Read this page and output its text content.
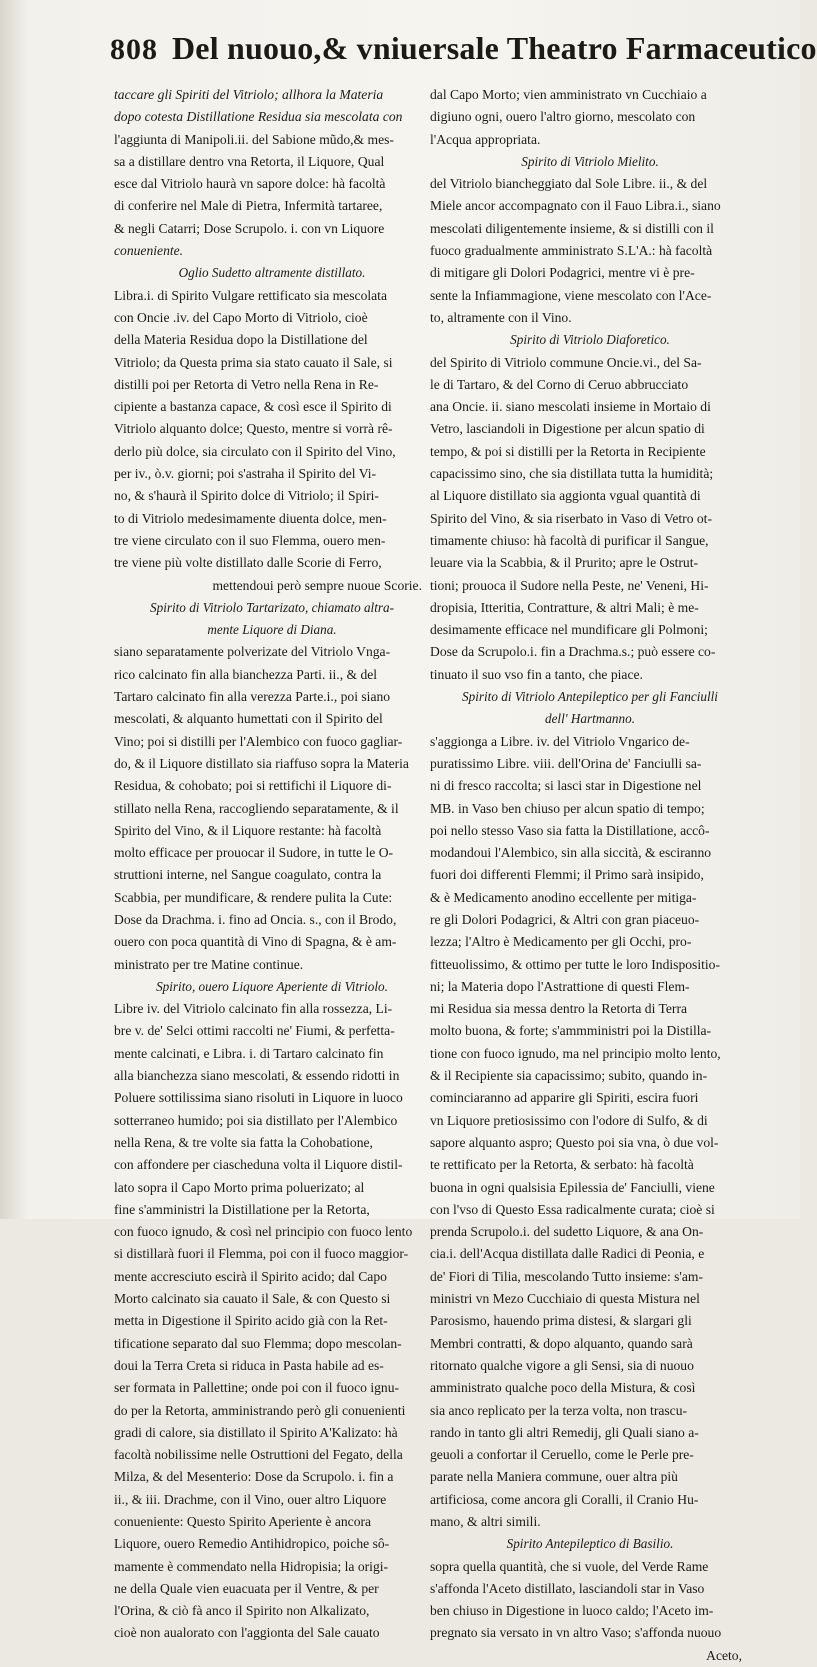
808 Del nuouo,& vniuersale Theatro Farmaceutico
taccare gli Spiriti del Vitriolo; allhora la Materia
dopo cotesta Distillatione Residua sia mescolata con
l'aggiunta di Manipoli.ii. del Sabione mũdo,& mes-
sa a distillare dentro vna Retorta, il Liquore, Qual
esce dal Vitriolo haurà vn sapore dolce: hà facoltà
di conferire nel Male di Pietra, Infermità tartaree,
& negli Catarri; Dose Scrupolo. i. con vn Liquore
conueniente.
Oglio Sudetto altramente distillato.
Libra.i. di Spirito Vulgare rettificato sia mescolata
con Oncie .iv. del Capo Morto di Vitriolo, cioè
della Materia Residua dopo la Distillatione del
Vitriolo; da Questa prima sia stato cauato il Sale, si
distilli poi per Retorta di Vetro nella Rena in Re-
cipiente a bastanza capace, & così esce il Spirito di
Vitriolo alquanto dolce; Questo, mentre si vorrà rê-
derlo più dolce, sia circulato con il Spirito del Vino,
per iv., ò.v. giorni; poi s'astraha il Spirito del Vi-
no, & s'haurà il Spirito dolce di Vitriolo; il Spiri-
to di Vitriolo medesimamente diuenta dolce, men-
tre viene circulato con il suo Flemma, ouero men-
tre viene più volte distillato dalle Scorie di Ferro,
mettendoui però sempre nuoue Scorie.
Spirito di Vitriolo Tartarizato, chiamato altra-
mente Liquore di Diana.
siano separatamente polverizate del Vitriolo Vnga-
rico calcinato fin alla bianchezza Parti. ii., & del
Tartaro calcinato fin alla verezza Parte.i., poi siano
mescolati, & alquanto humettati con il Spirito del
Vino; poi si distilli per l'Alembico con fuoco gagliar-
do, & il Liquore distillato sia riaffuso sopra la Materia
Residua, & cohobato; poi si rettifichi il Liquore di-
stillato nella Rena, raccogliendo separatamente, & il
Spirito del Vino, & il Liquore restante: hà facoltà
molto efficace per prouocar il Sudore, in tutte le O-
struttioni interne, nel Sangue coagulato, contra la
Scabbia, per mundificare, & rendere pulita la Cute:
Dose da Drachma. i. fino ad Oncia. s., con il Brodo,
ouero con poca quantità di Vino di Spagna, & è am-
ministrato per tre Matine continue.
Spirito, ouero Liquore Aperiente di Vitriolo.
Libre iv. del Vitriolo calcinato fin alla rossezza, Li-
bre v. de' Selci ottimi raccolti ne' Fiumi, & perfetta-
mente calcinati, e Libra. i. di Tartaro calcinato fin
alla bianchezza siano mescolati, & essendo ridotti in
Poluere sottilissima siano risoluti in Liquore in luoco
sotterraneo humido; poi sia distillato per l'Alembico
nella Rena, & tre volte sia fatta la Cohobatione,
con affondere per ciascheduna volta il Liquore distil-
lato sopra il Capo Morto prima poluerizato; al
fine s'amministri la Distillatione per la Retorta,
con fuoco ignudo, & così nel principio con fuoco lento
si distillarà fuori il Flemma, poi con il fuoco maggior-
mente accresciuto escirà il Spirito acido; dal Capo
Morto calcinato sia cauato il Sale, & con Questo si
metta in Digestione il Spirito acido già con la Ret-
tificatione separato dal suo Flemma; dopo mescolan-
doui la Terra Creta si riduca in Pasta habile ad es-
ser formata in Pallettine; onde poi con il fuoco ignu-
do per la Retorta, amministrando però gli conuenienti
gradi di calore, sia distillato il Spirito A'Kalizato: hà
facoltà nobilissime nelle Ostruttioni del Fegato, della
Milza, & del Mesenterio: Dose da Scrupolo. i. fin a
ii., & iii. Drachme, con il Vino, ouer altro Liquore
conueniente: Questo Spirito Aperiente è ancora
Liquore, ouero Remedio Antihidropico, poiche sô-
mamente è commendato nella Hidropisia; la origi-
ne della Quale vien euacuata per il Ventre, & per
l'Orina, & ciò fà anco il Spirito non Alkalizato,
cioè non aualorato con l'aggionta del Sale cauato
dal Capo Morto; vien amministrato vn Cucchiaio a
digiuno ogni, ouero l'altro giorno, mescolato con
l'Acqua appropriata.
Spirito di Vitriolo Mielito.
del Vitriolo biancheggiato dal Sole Libre. ii., & del
Miele ancor accompagnato con il Fauo Libra.i., siano
mescolati diligentemente insieme, & si distilli con il
fuoco gradualmente amministrato S.L'A.: hà facoltà
di mitigare gli Dolori Podagrici, mentre vi è pre-
sente la Infiammagione, viene mescolato con l'Ace-
to, altramente con il Vino.
Spirito di Vitriolo Diaforetico.
del Spirito di Vitriolo commune Oncie.vi., del Sa-
le di Tartaro, & del Corno di Ceruo abbrucciato
ana Oncie. ii. siano mescolati insieme in Mortaio di
Vetro, lasciandoli in Digestione per alcun spatio di
tempo, & poi si distilli per la Retorta in Recipiente
capacissimo sino, che sia distillata tutta la humidità;
al Liquore distillato sia aggionta vgual quantità di
Spirito del Vino, & sia riserbato in Vaso di Vetro ot-
timamente chiuso: hà facoltà di purificar il Sangue,
leuare via la Scabbia, & il Prurito; apre le Ostrut-
tioni; prouoca il Sudore nella Peste, ne' Veneni, Hi-
dropisia, Itteritia, Contratture, & altri Mali; è me-
desimamente efficace nel mundificare gli Polmoni;
Dose da Scrupolo.i. fin a Drachma.s.; può essere co-
tinuato il suo vso fin a tanto, che piace.
Spirito di Vitriolo Antepileptico per gli Fanciulli
dell' Hartmanno.
s'aggionga a Libre. iv. del Vitriolo Vngarico de-
puratissimo Libre. viii. dell'Orina de' Fanciulli sa-
ni di fresco raccolta; si lasci star in Digestione nel
MB. in Vaso ben chiuso per alcun spatio di tempo;
poi nello stesso Vaso sia fatta la Distillatione, accô-
modandoui l'Alembico, sin alla siccità, & esciranno
fuori doi differenti Flemmi; il Primo sarà insipido,
& è Medicamento anodino eccellente per mitiga-
re gli Dolori Podagrici, & Altri con gran piaceuo-
lezza; l'Altro è Medicamento per gli Occhi, pro-
fitteuolissimo, & ottimo per tutte le loro Indispositio-
ni; la Materia dopo l'Astrattione di questi Flem-
mi Residua sia messa dentro la Retorta di Terra
molto buona, & forte; s'ammministri poi la Distilla-
tione con fuoco ignudo, ma nel principio molto lento,
& il Recipiente sia capacissimo; subito, quando in-
cominciaranno ad apparire gli Spiriti, escira fuori
vn Liquore pretiosissimo con l'odore di Sulfo, & di
sapore alquanto aspro; Questo poi sia vna, ò due vol-
te rettificato per la Retorta, & serbato: hà facoltà
buona in ogni qualsisia Epilessia de' Fanciulli, viene
con l'vso di Questo Essa radicalmente curata; cioè si
prenda Scrupolo.i. del sudetto Liquore, & ana On-
cia.i. dell'Acqua distillata dalle Radici di Peonia, e
de' Fiori di Tilia, mescolando Tutto insieme: s'am-
ministri vn Mezo Cucchiaio di questa Mistura nel
Parosismo, hauendo prima distesi, & slargari gli
Membri contratti, & dopo alquanto, quando sarà
ritornato qualche vigore a gli Sensi, sia di nuouo
amministrato qualche poco della Mistura, & così
sia anco replicato per la terza volta, non trascu-
rando in tanto gli altri Remedij, gli Quali siano a-
geuoli a confortar il Ceruello, come le Perle pre-
parate nella Maniera commune, ouer altra più
artificiosa, come ancora gli Coralli, il Cranio Hu-
mano, & altri simili.
Spirito Antepileptico di Basilio.
sopra quella quantità, che si vuole, del Verde Rame
s'affonda l'Aceto distillato, lasciandoli star in Vaso
ben chiuso in Digestione in luoco caldo; l'Aceto im-
pregnato sia versato in vn altro Vaso; s'affonda nuouo
Aceto,
